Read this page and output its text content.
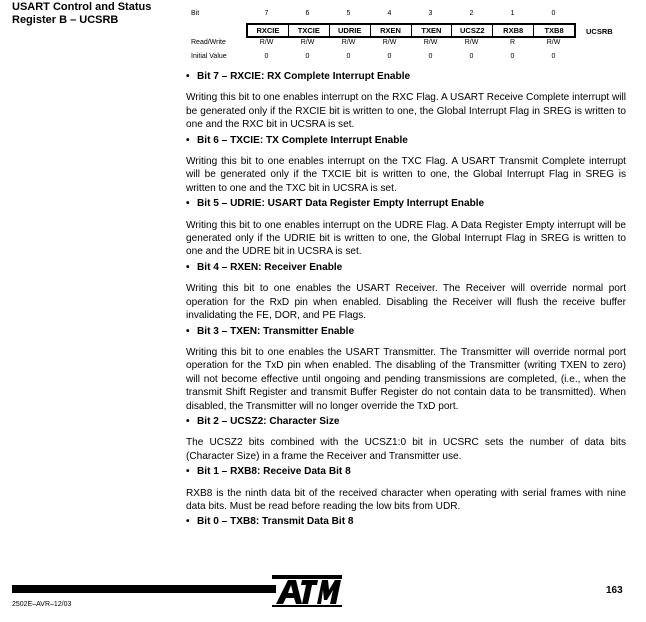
USART Control and Status
Register B – UCSRB
Bit	7	6	5	4	3	2	1	0
RXCIE	TXCIE	UDRIE	RXEN	TXEN	UCSZ2	RXB8	TXB8	UCSRB
Read/Write	R/W	R/W	R/W	R/W	R/W	R/W	R	R/W
Initial Value	0	0	0	0	0	0	0	0
• Bit 7 – RXCIE: RX Complete Interrupt Enable

Writing this bit to one enables interrupt on the RXC Flag. A USART Receive Complete interrupt will be generated only if the RXCIE bit is written to one, the Global Interrupt Flag in SREG is written to one and the RXC bit in UCSRA is set.

• Bit 6 – TXCIE: TX Complete Interrupt Enable

Writing this bit to one enables interrupt on the TXC Flag. A USART Transmit Complete interrupt will be generated only if the TXCIE bit is written to one, the Global Interrupt Flag in SREG is written to one and the TXC bit in UCSRA is set.

• Bit 5 – UDRIE: USART Data Register Empty Interrupt Enable

Writing this bit to one enables interrupt on the UDRE Flag. A Data Register Empty interrupt will be generated only if the UDRIE bit is written to one, the Global Interrupt Flag in SREG is written to one and the UDRE bit in UCSRA is set.

• Bit 4 – RXEN: Receiver Enable

Writing this bit to one enables the USART Receiver. The Receiver will override normal port operation for the RxD pin when enabled. Disabling the Receiver will flush the receive buffer invalidating the FE, DOR, and PE Flags.

• Bit 3 – TXEN: Transmitter Enable

Writing this bit to one enables the USART Transmitter. The Transmitter will override normal port operation for the TxD pin when enabled. The disabling of the Transmitter (writing TXEN to zero) will not become effective until ongoing and pending transmissions are completed, (i.e., when the transmit Shift Register and transmit Buffer Register do not contain data to be transmitted). When disabled, the Transmitter will no longer override the TxD port.

• Bit 2 – UCSZ2: Character Size

The UCSZ2 bits combined with the UCSZ1:0 bit in UCSRC sets the number of data bits (Character Size) in a frame the Receiver and Transmitter use.

• Bit 1 – RXB8: Receive Data Bit 8

RXB8 is the ninth data bit of the received character when operating with serial frames with nine data bits. Must be read before reading the low bits from UDR.

• Bit 0 – TXB8: Transmit Data Bit 8
2502E–AVR–12/03
163
